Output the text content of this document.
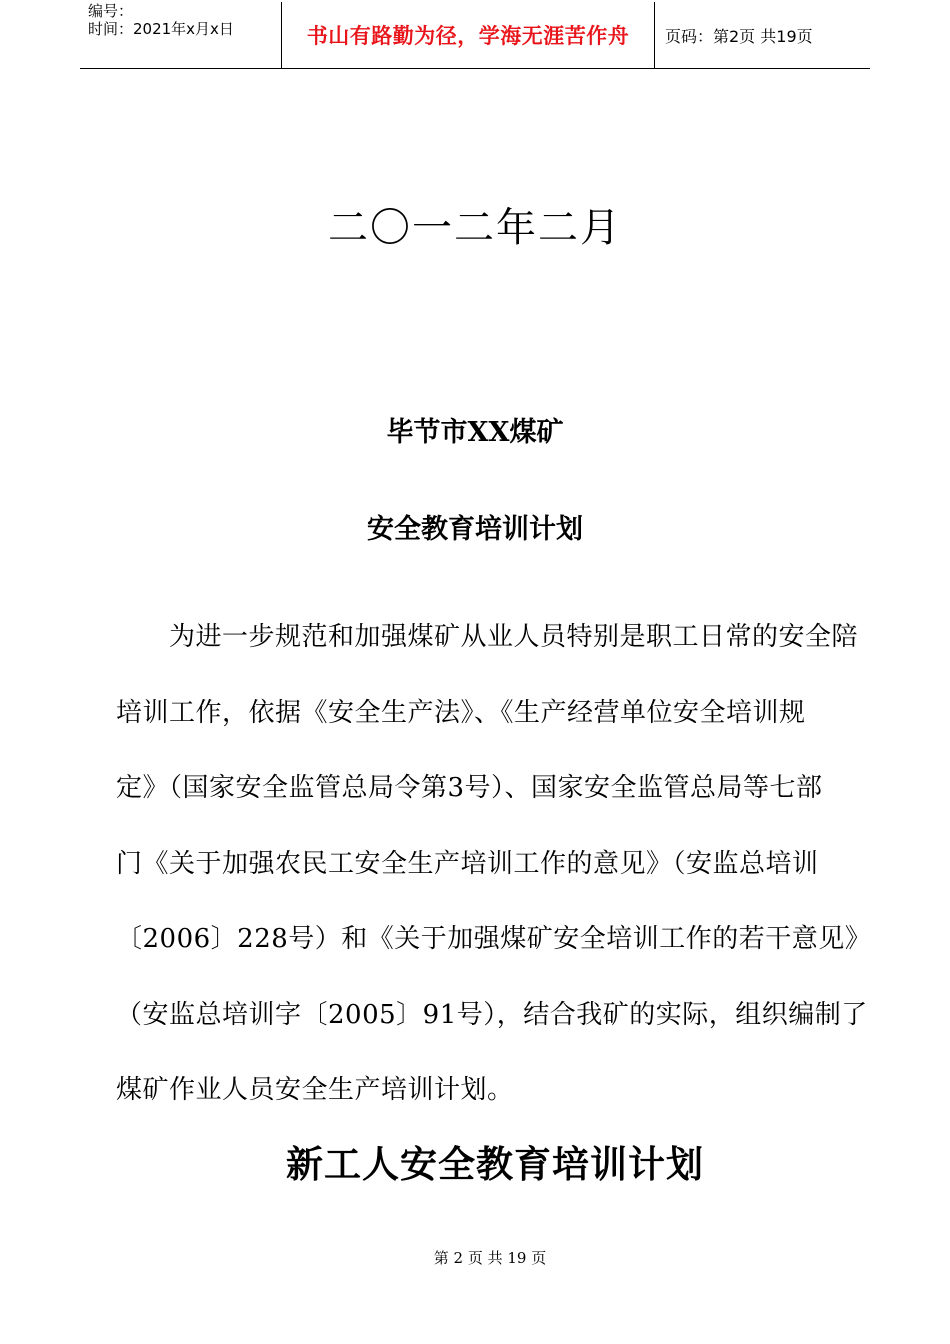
编号：
时间：2021年x月x日	书山有路勤为径，学海无涯苦作舟	页码：第2页 共19页
二〇一二年二月
毕节市XX煤矿
安全教育培训计划
　　为进一步规范和加强煤矿从业人员特别是职工日常的安全陪
培训工作，依据《安全生产法》、《生产经营单位安全培训规
定》（国家安全监管总局令第3号）、国家安全监管总局等七部
门《关于加强农民工安全生产培训工作的意见》（安监总培训
〔2006〕228号）和《关于加强煤矿安全培训工作的若干意见》
（安监总培训字〔2005〕91号），结合我矿的实际，组织编制了
煤矿作业人员安全生产培训计划。
新工人安全教育培训计划
第 2 页 共 19 页
